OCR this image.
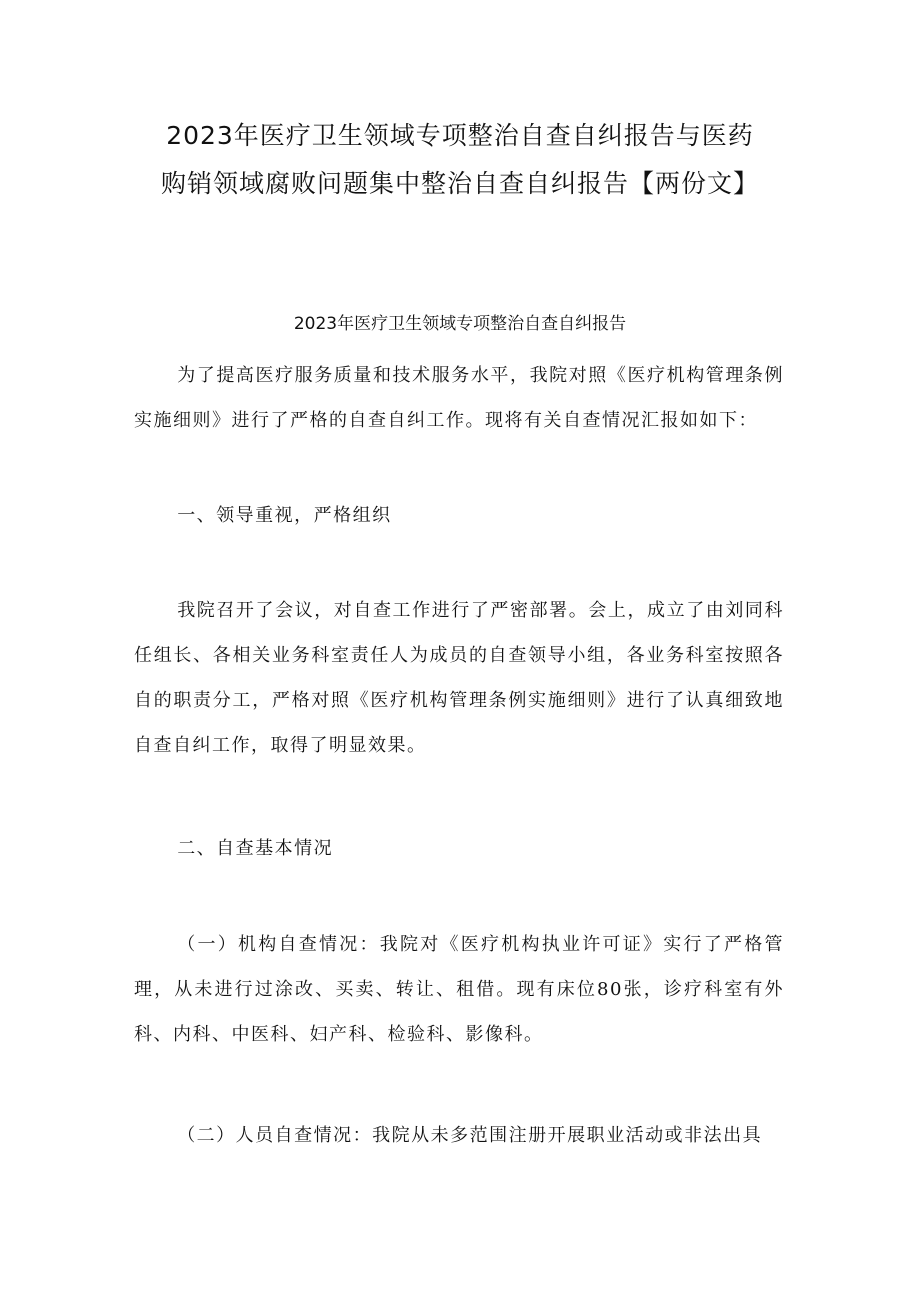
2023年医疗卫生领域专项整治自查自纠报告与医药
购销领域腐败问题集中整治自查自纠报告【两份文】
2023年医疗卫生领域专项整治自查自纠报告

为了提高医疗服务质量和技术服务水平，我院对照《医疗机构管理条例实施细则》进行了严格的自查自纠工作。现将有关自查情况汇报如如下：

一、领导重视，严格组织

我院召开了会议，对自查工作进行了严密部署。会上，成立了由刘同科任组长、各相关业务科室责任人为成员的自查领导小组，各业务科室按照各自的职责分工，严格对照《医疗机构管理条例实施细则》进行了认真细致地自查自纠工作，取得了明显效果。

二、自查基本情况

（一）机构自查情况：我院对《医疗机构执业许可证》实行了严格管理，从未进行过涂改、买卖、转让、租借。现有床位80张，诊疗科室有外科、内科、中医科、妇产科、检验科、影像科。

（二）人员自查情况：我院从未多范围注册开展职业活动或非法出具
